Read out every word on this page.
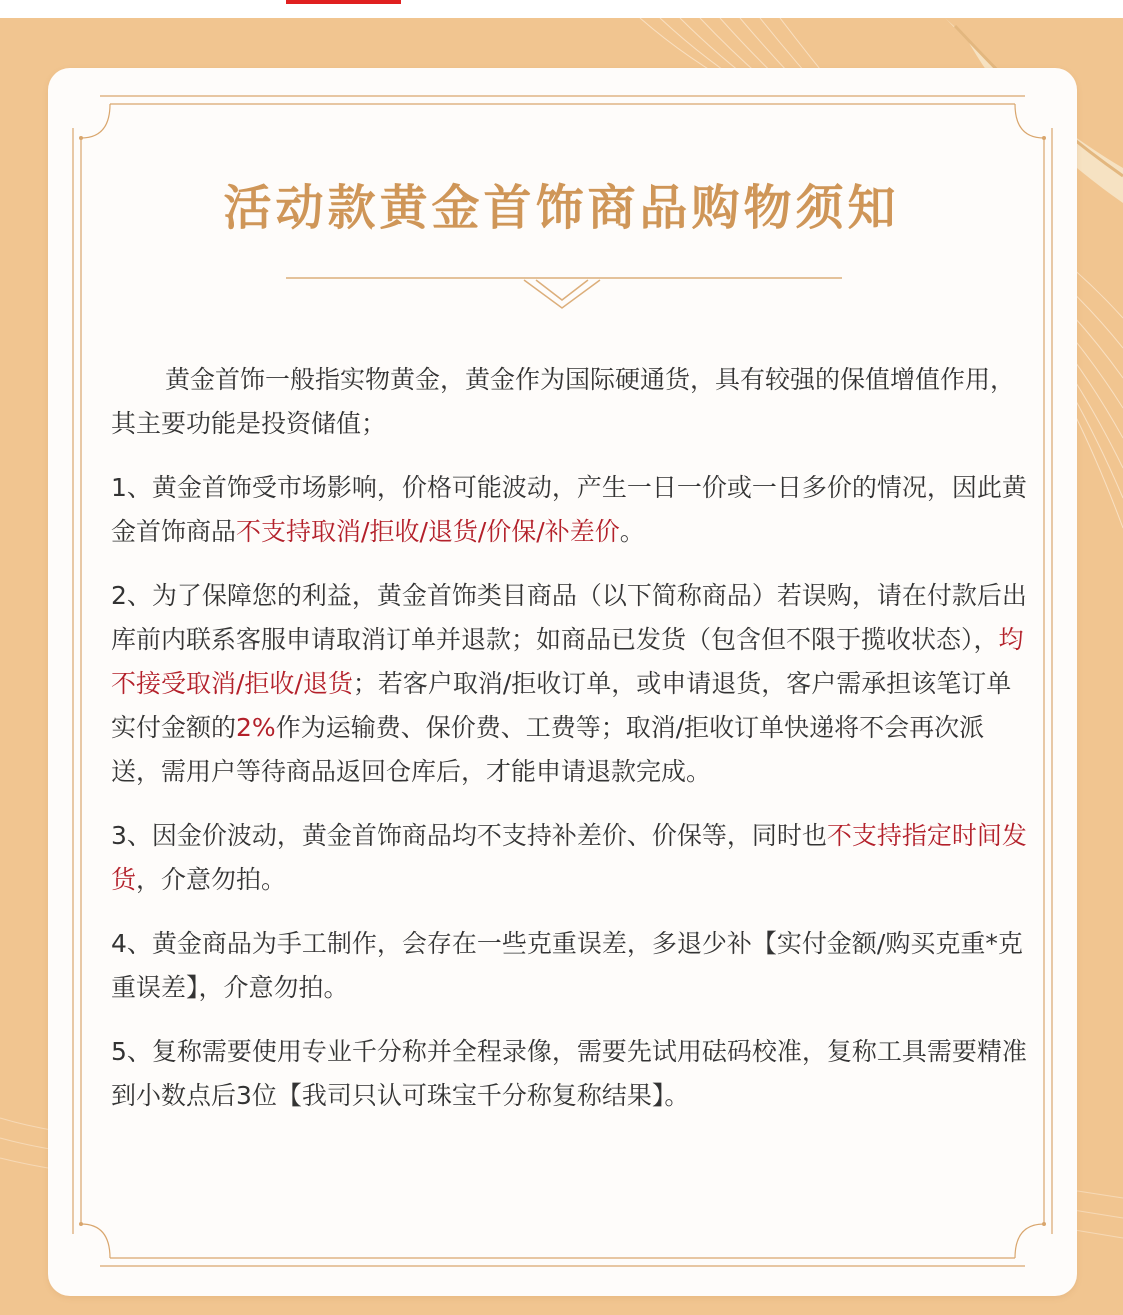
活动款黄金首饰商品购物须知

黄金首饰一般指实物黄金，黄金作为国际硬通货，具有较强的保值增值作用，其主要功能是投资储值；

1、黄金首饰受市场影响，价格可能波动，产生一日一价或一日多价的情况，因此黄金首饰商品不支持取消/拒收/退货/价保/补差价。

2、为了保障您的利益，黄金首饰类目商品（以下简称商品）若误购，请在付款后出库前内联系客服申请取消订单并退款；如商品已发货（包含但不限于揽收状态），均不接受取消/拒收/退货；若客户取消/拒收订单，或申请退货，客户需承担该笔订单实付金额的2%作为运输费、保价费、工费等；取消/拒收订单快递将不会再次派送，需用户等待商品返回仓库后，才能申请退款完成。

3、因金价波动，黄金首饰商品均不支持补差价、价保等，同时也不支持指定时间发货，介意勿拍。

4、黄金商品为手工制作，会存在一些克重误差，多退少补【实付金额/购买克重*克重误差】，介意勿拍。

5、复称需要使用专业千分称并全程录像，需要先试用砝码校准，复称工具需要精准到小数点后3位【我司只认可珠宝千分称复称结果】。
